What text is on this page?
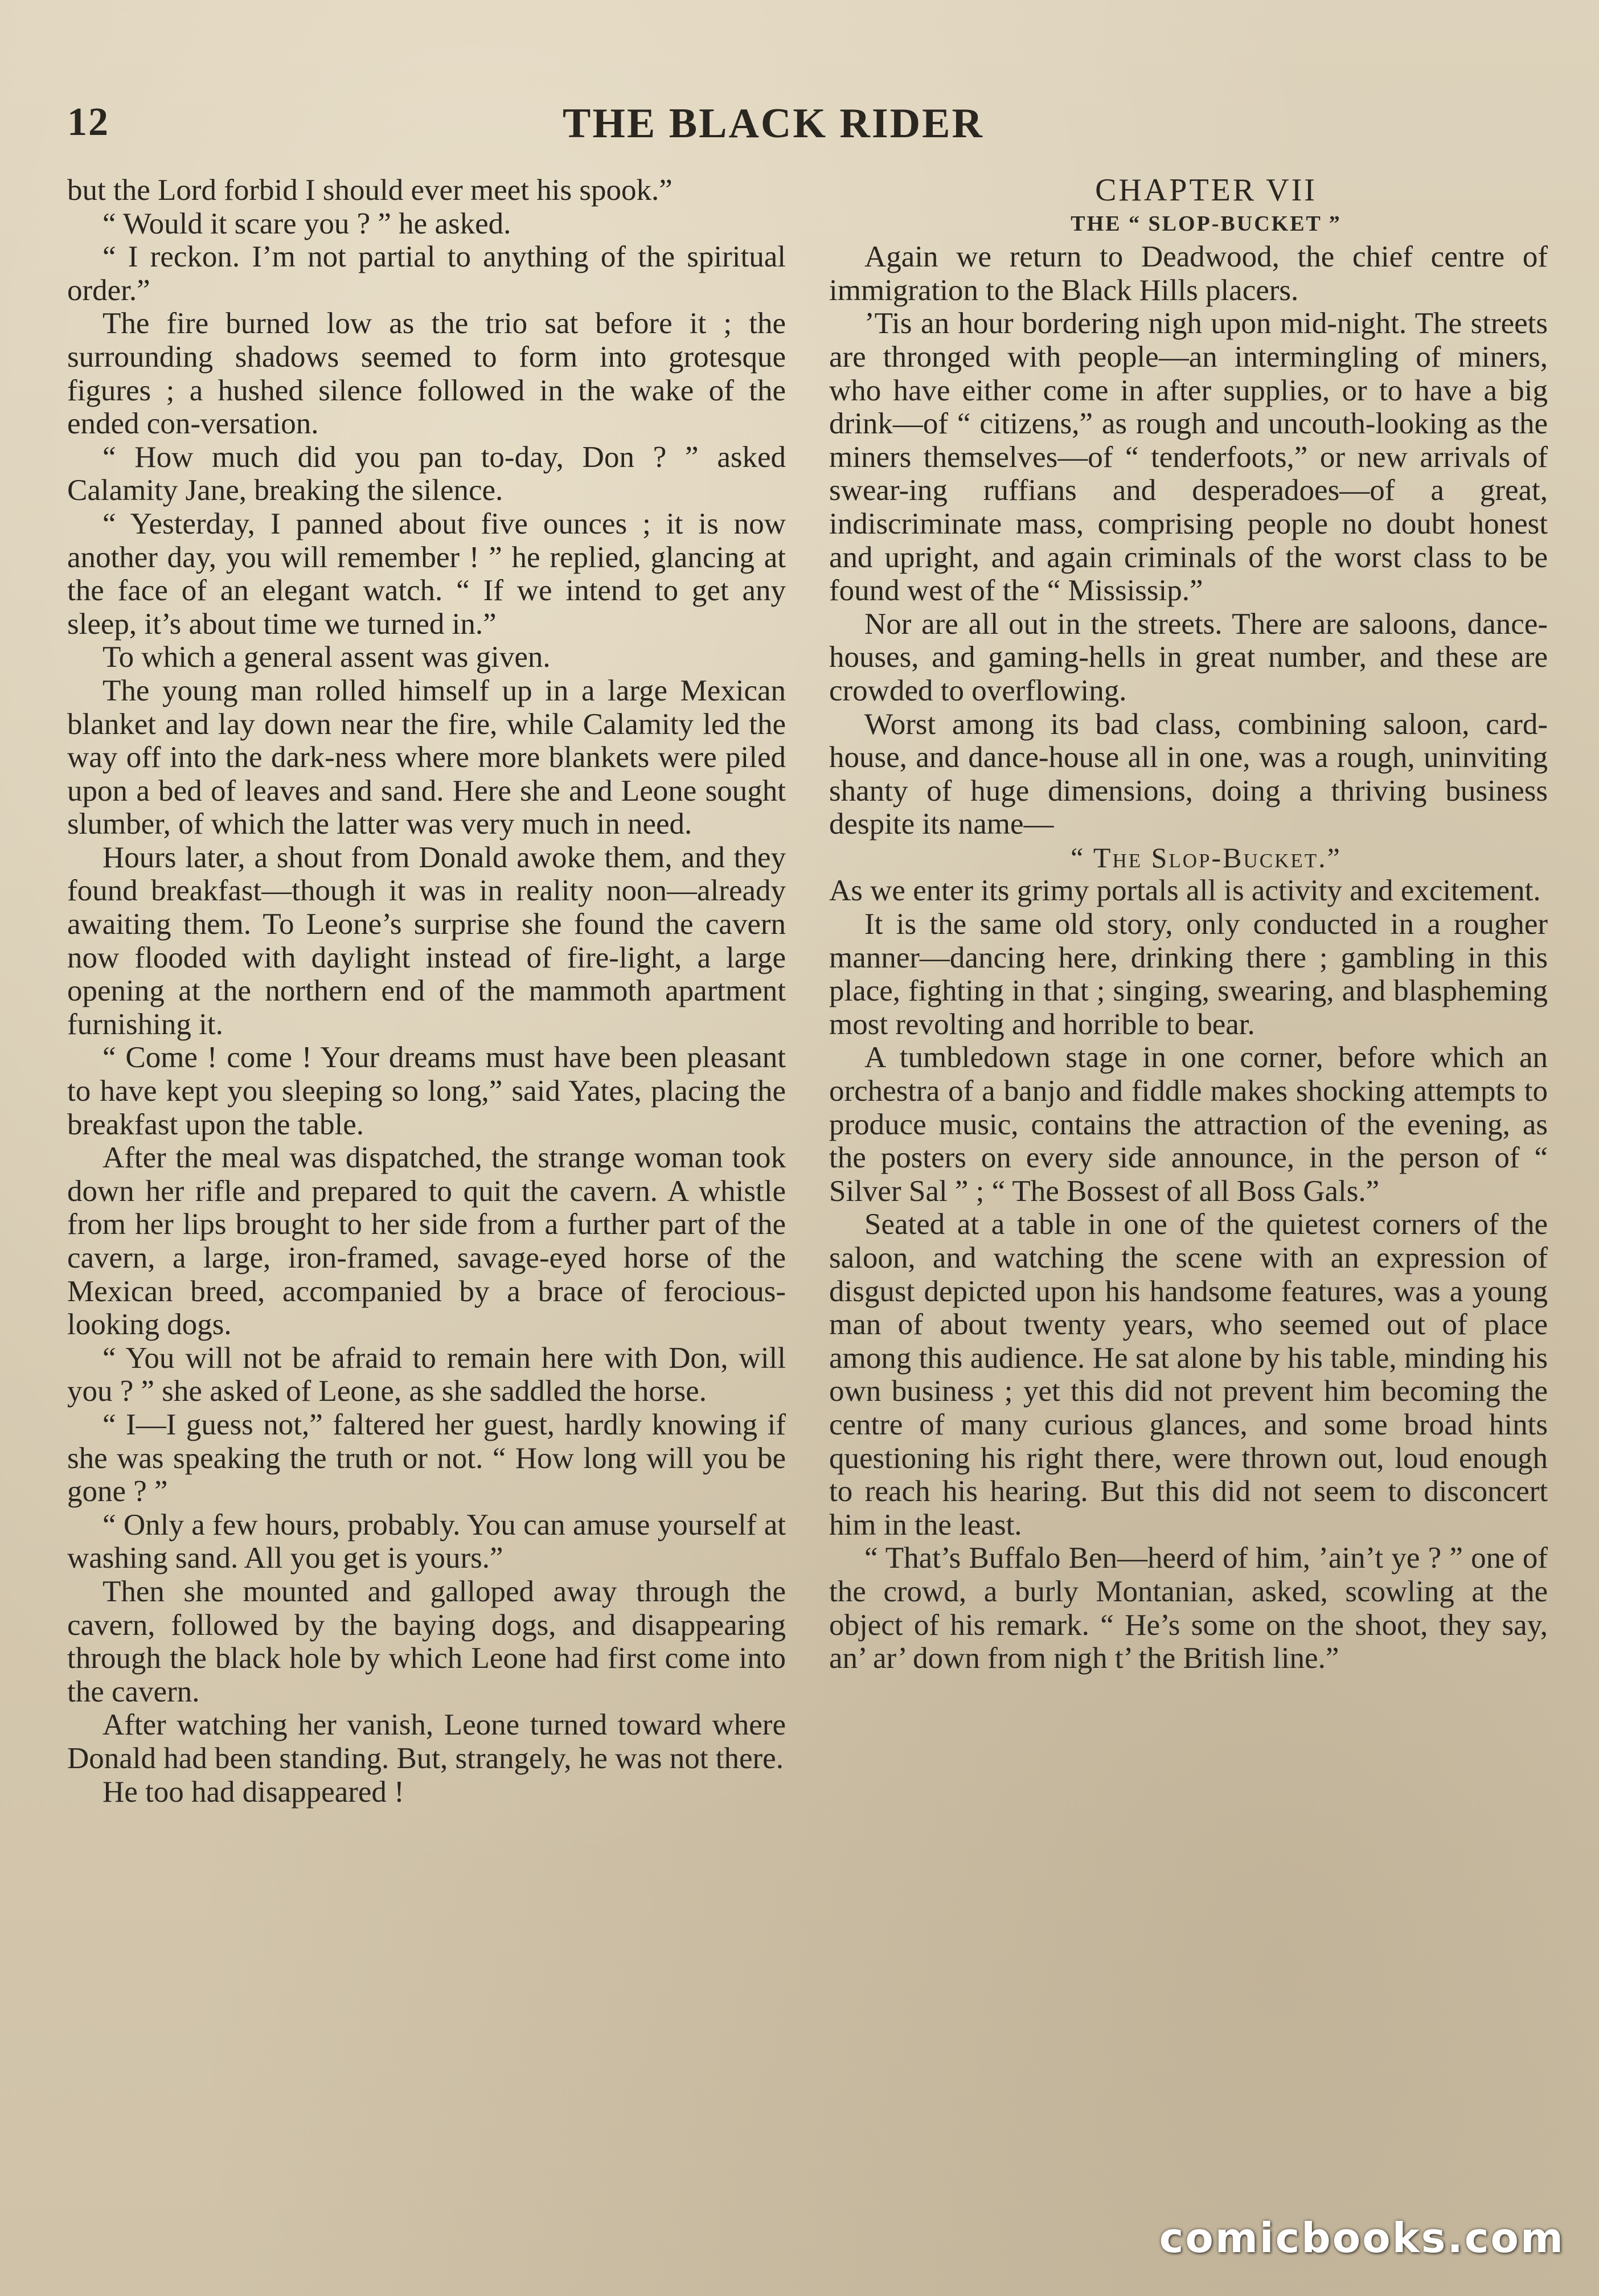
12	THE BLACK RIDER

but the Lord forbid I should ever meet his spook.”

“ Would it scare you ? ” he asked.

“ I reckon. I’m not partial to anything of the spiritual order.”

The fire burned low as the trio sat before it ; the surrounding shadows seemed to form into grotesque figures ; a hushed silence followed in the wake of the ended con-versation.

“ How much did you pan to-day, Don ? ” asked Calamity Jane, breaking the silence.

“ Yesterday, I panned about five ounces ; it is now another day, you will remember ! ” he replied, glancing at the face of an elegant watch. “ If we intend to get any sleep, it’s about time we turned in.”

To which a general assent was given.

The young man rolled himself up in a large Mexican blanket and lay down near the fire, while Calamity led the way off into the dark-ness where more blankets were piled upon a bed of leaves and sand. Here she and Leone sought slumber, of which the latter was very much in need.

Hours later, a shout from Donald awoke them, and they found breakfast—though it was in reality noon—already awaiting them. To Leone’s surprise she found the cavern now flooded with daylight instead of fire-light, a large opening at the northern end of the mammoth apartment furnishing it.

“ Come ! come ! Your dreams must have been pleasant to have kept you sleeping so long,” said Yates, placing the breakfast upon the table.

After the meal was dispatched, the strange woman took down her rifle and prepared to quit the cavern. A whistle from her lips brought to her side from a further part of the cavern, a large, iron-framed, savage-eyed horse of the Mexican breed, accompanied by a brace of ferocious-looking dogs.

“ You will not be afraid to remain here with Don, will you ? ” she asked of Leone, as she saddled the horse.

“ I—I guess not,” faltered her guest, hardly knowing if she was speaking the truth or not. “ How long will you be gone ? ”

“ Only a few hours, probably. You can amuse yourself at washing sand. All you get is yours.”

Then she mounted and galloped away through the cavern, followed by the baying dogs, and disappearing through the black hole by which Leone had first come into the cavern.

After watching her vanish, Leone turned toward where Donald had been standing. But, strangely, he was not there.

He too had disappeared !

CHAPTER VII

THE “ SLOP-BUCKET ”

Again we return to Deadwood, the chief centre of immigration to the Black Hills placers.

’Tis an hour bordering nigh upon mid-night. The streets are thronged with people—an intermingling of miners, who have either come in after supplies, or to have a big drink—of “ citizens,” as rough and uncouth-looking as the miners themselves—of “ tenderfoots,” or new arrivals of swear-ing ruffians and desperadoes—of a great, indiscriminate mass, comprising people no doubt honest and upright, and again criminals of the worst class to be found west of the “ Mississip.”

Nor are all out in the streets. There are saloons, dance-houses, and gaming-hells in great number, and these are crowded to overflowing.

Worst among its bad class, combining saloon, card-house, and dance-house all in one, was a rough, uninviting shanty of huge dimensions, doing a thriving business despite its name—

“ The Slop-Bucket.”

As we enter its grimy portals all is activity and excitement.

It is the same old story, only conducted in a rougher manner—dancing here, drinking there ; gambling in this place, fighting in that ; singing, swearing, and blaspheming most revolting and horrible to bear.

A tumbledown stage in one corner, before which an orchestra of a banjo and fiddle makes shocking attempts to produce music, contains the attraction of the evening, as the posters on every side announce, in the person of “ Silver Sal ” ; “ The Bossest of all Boss Gals.”

Seated at a table in one of the quietest corners of the saloon, and watching the scene with an expression of disgust depicted upon his handsome features, was a young man of about twenty years, who seemed out of place among this audience. He sat alone by his table, minding his own business ; yet this did not prevent him becoming the centre of many curious glances, and some broad hints questioning his right there, were thrown out, loud enough to reach his hearing. But this did not seem to disconcert him in the least.

“ That’s Buffalo Ben—heerd of him, ’ain’t ye ? ” one of the crowd, a burly Montanian, asked, scowling at the object of his remark. “ He’s some on the shoot, they say, an’ ar’ down from nigh t’ the British line.”

comicbooks.com
